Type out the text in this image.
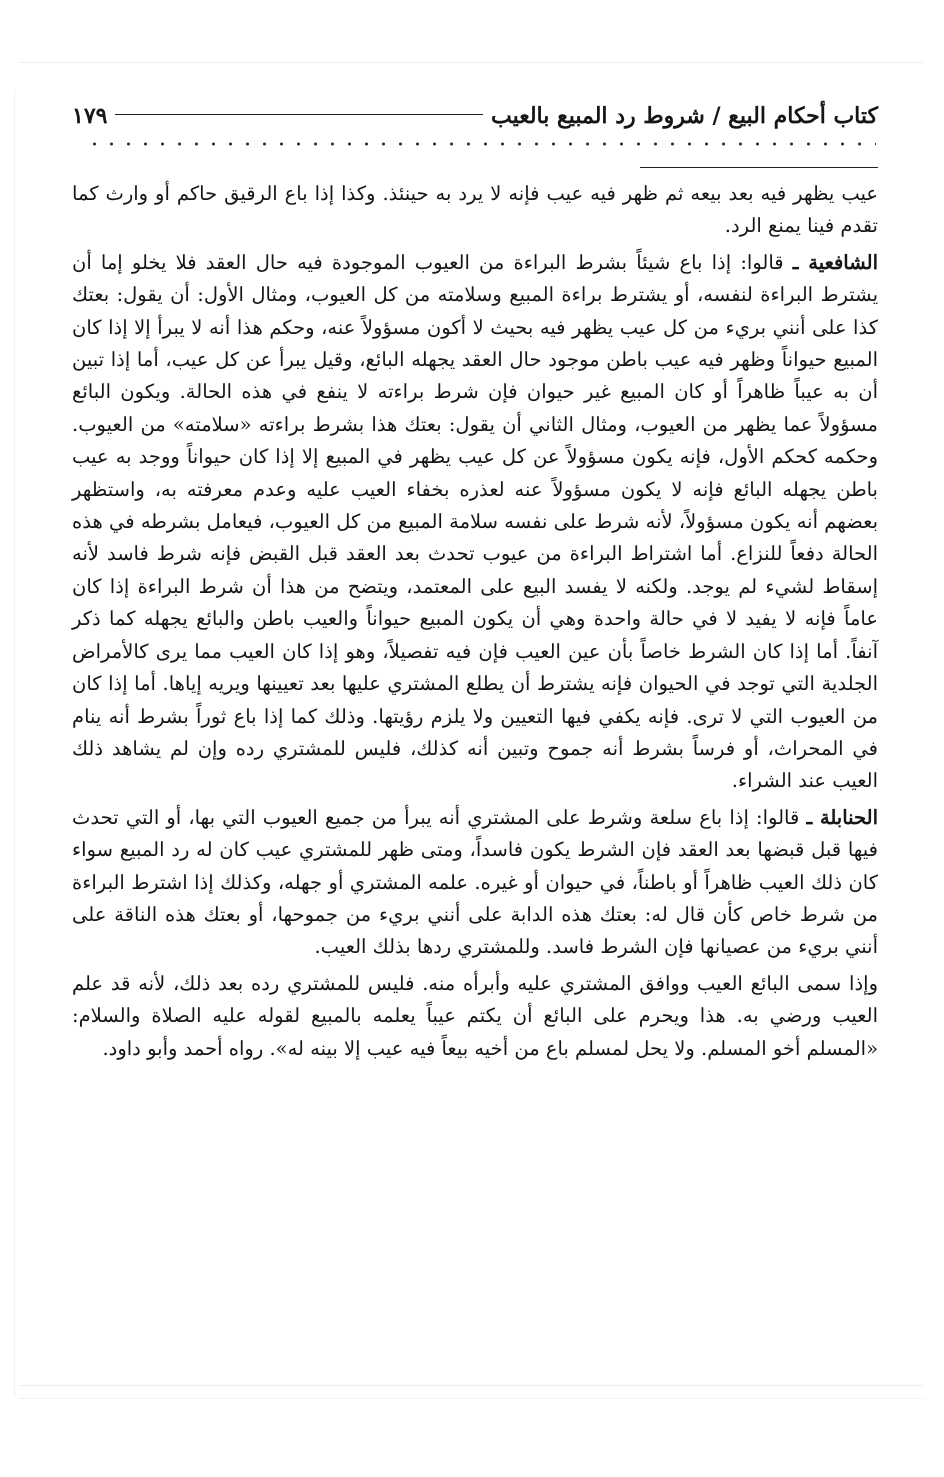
كتاب أحكام البيع / شروط رد المبيع بالعيب
١٧٩

عيب يظهر فيه بعد بيعه ثم ظهر فيه عيب فإنه لا يرد به حينئذ. وكذا إذا باع الرقيق حاكم أو وارث كما تقدم فينا يمنع الرد.

الشافعية ـ قالوا: إذا باع شيئاً بشرط البراءة من العيوب الموجودة فيه حال العقد فلا يخلو إما أن يشترط البراءة لنفسه، أو يشترط براءة المبيع وسلامته من كل العيوب، ومثال الأول: أن يقول: بعتك كذا على أنني بريء من كل عيب يظهر فيه بحيث لا أكون مسؤولاً عنه، وحكم هذا أنه لا يبرأ إلا إذا كان المبيع حيواناً وظهر فيه عيب باطن موجود حال العقد يجهله البائع، وقيل يبرأ عن كل عيب، أما إذا تبين أن به عيباً ظاهراً أو كان المبيع غير حيوان فإن شرط براءته لا ينفع في هذه الحالة. ويكون البائع مسؤولاً عما يظهر من العيوب، ومثال الثاني أن يقول: بعتك هذا بشرط براءته «سلامته» من العيوب. وحكمه كحكم الأول، فإنه يكون مسؤولاً عن كل عيب يظهر في المبيع إلا إذا كان حيواناً ووجد به عيب باطن يجهله البائع فإنه لا يكون مسؤولاً عنه لعذره بخفاء العيب عليه وعدم معرفته به، واستظهر بعضهم أنه يكون مسؤولاً، لأنه شرط على نفسه سلامة المبيع من كل العيوب، فيعامل بشرطه في هذه الحالة دفعاً للنزاع. أما اشتراط البراءة من عيوب تحدث بعد العقد قبل القبض فإنه شرط فاسد لأنه إسقاط لشيء لم يوجد. ولكنه لا يفسد البيع على المعتمد، ويتضح من هذا أن شرط البراءة إذا كان عاماً فإنه لا يفيد لا في حالة واحدة وهي أن يكون المبيع حيواناً والعيب باطن والبائع يجهله كما ذكر آنفاً. أما إذا كان الشرط خاصاً بأن عين العيب فإن فيه تفصيلاً، وهو إذا كان العيب مما يرى كالأمراض الجلدية التي توجد في الحيوان فإنه يشترط أن يطلع المشتري عليها بعد تعيينها ويريه إياها. أما إذا كان من العيوب التي لا ترى. فإنه يكفي فيها التعيين ولا يلزم رؤيتها. وذلك كما إذا باع ثوراً بشرط أنه ينام في المحراث، أو فرساً بشرط أنه جموح وتبين أنه كذلك، فليس للمشتري رده وإن لم يشاهد ذلك العيب عند الشراء.

الحنابلة ـ قالوا: إذا باع سلعة وشرط على المشتري أنه يبرأ من جميع العيوب التي بها، أو التي تحدث فيها قبل قبضها بعد العقد فإن الشرط يكون فاسداً، ومتى ظهر للمشتري عيب كان له رد المبيع سواء كان ذلك العيب ظاهراً أو باطناً، في حيوان أو غيره. علمه المشتري أو جهله، وكذلك إذا اشترط البراءة من شرط خاص كأن قال له: بعتك هذه الدابة على أنني بريء من جموحها، أو بعتك هذه الناقة على أنني بريء من عصيانها فإن الشرط فاسد. وللمشتري ردها بذلك العيب.

وإذا سمى البائع العيب ووافق المشتري عليه وأبرأه منه. فليس للمشتري رده بعد ذلك، لأنه قد علم العيب ورضي به. هذا ويحرم على البائع أن يكتم عيباً يعلمه بالمبيع لقوله عليه الصلاة والسلام: «المسلم أخو المسلم. ولا يحل لمسلم باع من أخيه بيعاً فيه عيب إلا بينه له». رواه أحمد وأبو داود.
